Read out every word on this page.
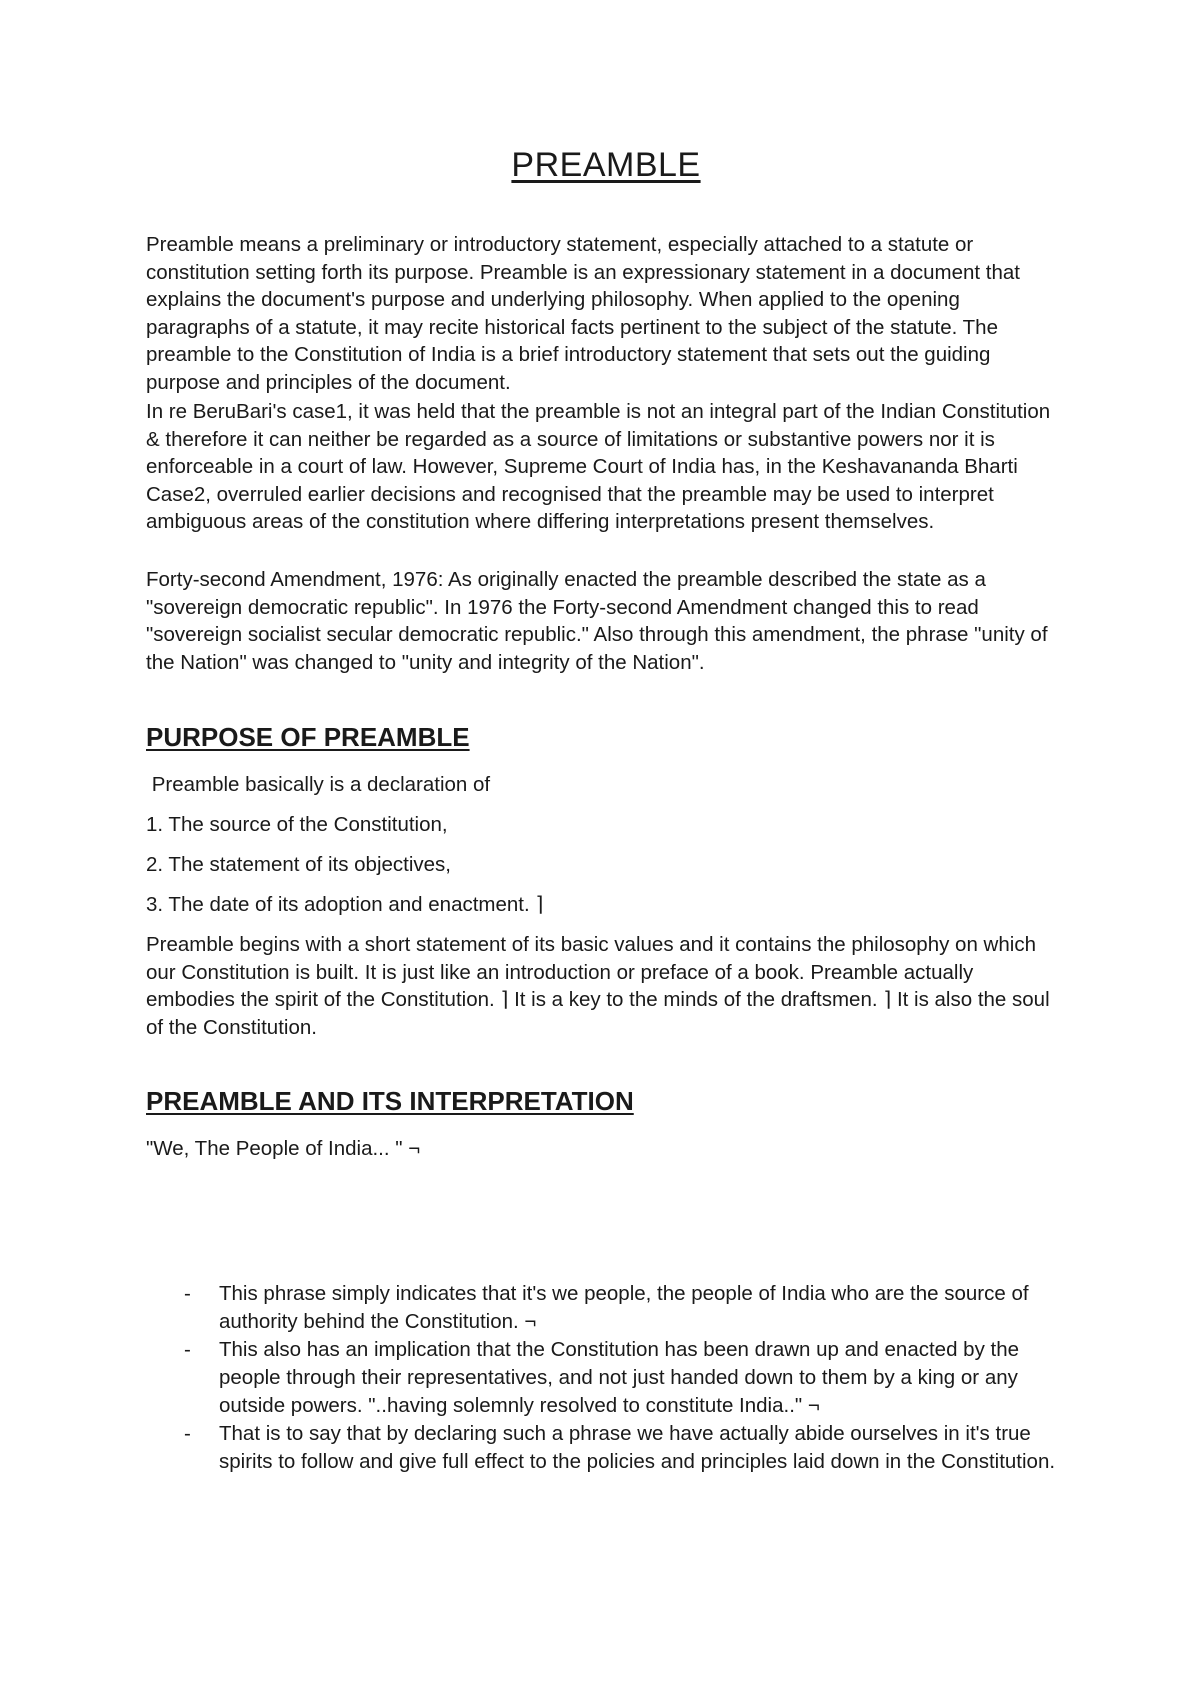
PREAMBLE

Preamble means a preliminary or introductory statement, especially attached to a statute or constitution setting forth its purpose. Preamble is an expressionary statement in a document that explains the document's purpose and underlying philosophy. When applied to the opening paragraphs of a statute, it may recite historical facts pertinent to the subject of the statute. The preamble to the Constitution of India is a brief introductory statement that sets out the guiding purpose and principles of the document.

In re BeruBari's case1, it was held that the preamble is not an integral part of the Indian Constitution & therefore it can neither be regarded as a source of limitations or substantive powers nor it is enforceable in a court of law. However, Supreme Court of India has, in the Keshavananda Bharti Case2, overruled earlier decisions and recognised that the preamble may be used to interpret ambiguous areas of the constitution where differing interpretations present themselves.

Forty-second Amendment, 1976: As originally enacted the preamble described the state as a "sovereign democratic republic". In 1976 the Forty-second Amendment changed this to read "sovereign socialist secular democratic republic." Also through this amendment, the phrase "unity of the Nation" was changed to "unity and integrity of the Nation".

PURPOSE OF PREAMBLE

Preamble basically is a declaration of

1. The source of the Constitution,

2. The statement of its objectives,

3. The date of its adoption and enactment. ⌉

Preamble begins with a short statement of its basic values and it contains the philosophy on which our Constitution is built. It is just like an introduction or preface of a book. Preamble actually embodies the spirit of the Constitution. ⌉ It is a key to the minds of the draftsmen. ⌉ It is also the soul of the Constitution.

PREAMBLE AND ITS INTERPRETATION

"We, The People of India... " ¬

- This phrase simply indicates that it's we people, the people of India who are the source of authority behind the Constitution. ¬
- This also has an implication that the Constitution has been drawn up and enacted by the people through their representatives, and not just handed down to them by a king or any outside powers. "..having solemnly resolved to constitute India.." ¬
- That is to say that by declaring such a phrase we have actually abide ourselves in it's true spirits to follow and give full effect to the policies and principles laid down in the Constitution.
